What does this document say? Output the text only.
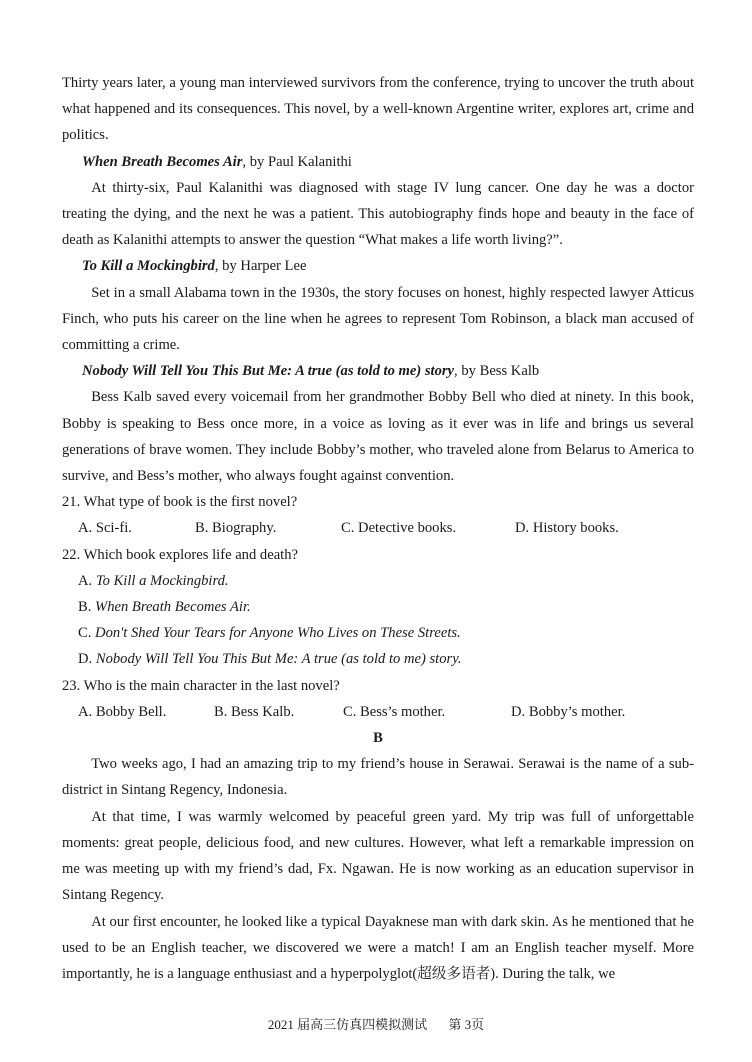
Thirty years later, a young man interviewed survivors from the conference, trying to uncover the truth about what happened and its consequences. This novel, by a well-known Argentine writer, explores art, crime and politics.

When Breath Becomes Air, by Paul Kalanithi

At thirty-six, Paul Kalanithi was diagnosed with stage IV lung cancer. One day he was a doctor treating the dying, and the next he was a patient. This autobiography finds hope and beauty in the face of death as Kalanithi attempts to answer the question “What makes a life worth living?”.

To Kill a Mockingbird, by Harper Lee

Set in a small Alabama town in the 1930s, the story focuses on honest, highly respected lawyer Atticus Finch, who puts his career on the line when he agrees to represent Tom Robinson, a black man accused of committing a crime.

Nobody Will Tell You This But Me: A true (as told to me) story, by Bess Kalb

Bess Kalb saved every voicemail from her grandmother Bobby Bell who died at ninety. In this book, Bobby is speaking to Bess once more, in a voice as loving as it ever was in life and brings us several generations of brave women. They include Bobby’s mother, who traveled alone from Belarus to America to survive, and Bess’s mother, who always fought against convention.

21. What type of book is the first novel?

A. Sci-fi.	B. Biography.	C. Detective books.	D. History books.

22. Which book explores life and death?

A. To Kill a Mockingbird.

B. When Breath Becomes Air.

C. Don't Shed Your Tears for Anyone Who Lives on These Streets.

D. Nobody Will Tell You This But Me: A true (as told to me) story.

23. Who is the main character in the last novel?

A. Bobby Bell.	B. Bess Kalb.	C. Bess’s mother.	D. Bobby’s mother.

B

Two weeks ago, I had an amazing trip to my friend’s house in Serawai. Serawai is the name of a sub-district in Sintang Regency, Indonesia.

At that time, I was warmly welcomed by peaceful green yard. My trip was full of unforgettable moments: great people, delicious food, and new cultures. However, what left a remarkable impression on me was meeting up with my friend’s dad, Fx. Ngawan. He is now working as an education supervisor in Sintang Regency.

At our first encounter, he looked like a typical Dayaknese man with dark skin. As he mentioned that he used to be an English teacher, we discovered we were a match! I am an English teacher myself. More importantly, he is a language enthusiast and a hyperpolyglot(超级多语者). During the talk, we

2021 届高三仿真四模拟测试 第 3页
